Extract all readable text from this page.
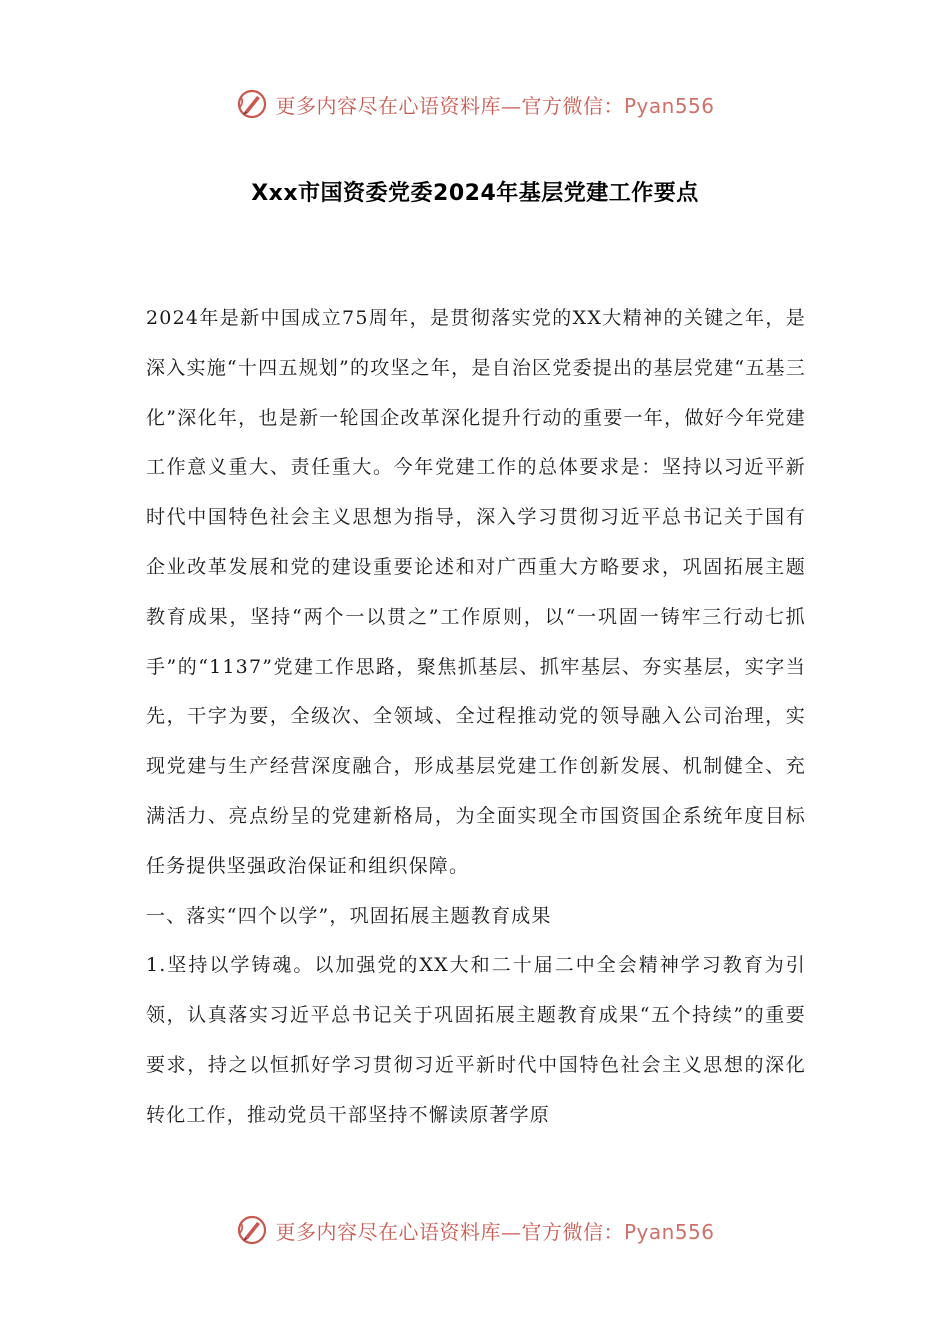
更多内容尽在心语资料库—官方微信：Pyan556
Xxx市国资委党委2024年基层党建工作要点

2024年是新中国成立75周年，是贯彻落实党的XX大精神的关键之年，是深入实施“十四五规划”的攻坚之年，是自治区党委提出的基层党建“五基三化”深化年，也是新一轮国企改革深化提升行动的重要一年，做好今年党建工作意义重大、责任重大。今年党建工作的总体要求是：坚持以习近平新时代中国特色社会主义思想为指导，深入学习贯彻习近平总书记关于国有企业改革发展和党的建设重要论述和对广西重大方略要求，巩固拓展主题教育成果，坚持“两个一以贯之”工作原则，以“一巩固一铸牢三行动七抓手”的“1137”党建工作思路，聚焦抓基层、抓牢基层、夯实基层，实字当先，干字为要，全级次、全领域、全过程推动党的领导融入公司治理，实现党建与生产经营深度融合，形成基层党建工作创新发展、机制健全、充满活力、亮点纷呈的党建新格局，为全面实现全市国资国企系统年度目标任务提供坚强政治保证和组织保障。

一、落实“四个以学”，巩固拓展主题教育成果

1.坚持以学铸魂。以加强党的XX大和二十届二中全会精神学习教育为引领，认真落实习近平总书记关于巩固拓展主题教育成果“五个持续”的重要要求，持之以恒抓好学习贯彻习近平新时代中国特色社会主义思想的深化转化工作，推动党员干部坚持不懈读原著学原

更多内容尽在心语资料库—官方微信：Pyan556
